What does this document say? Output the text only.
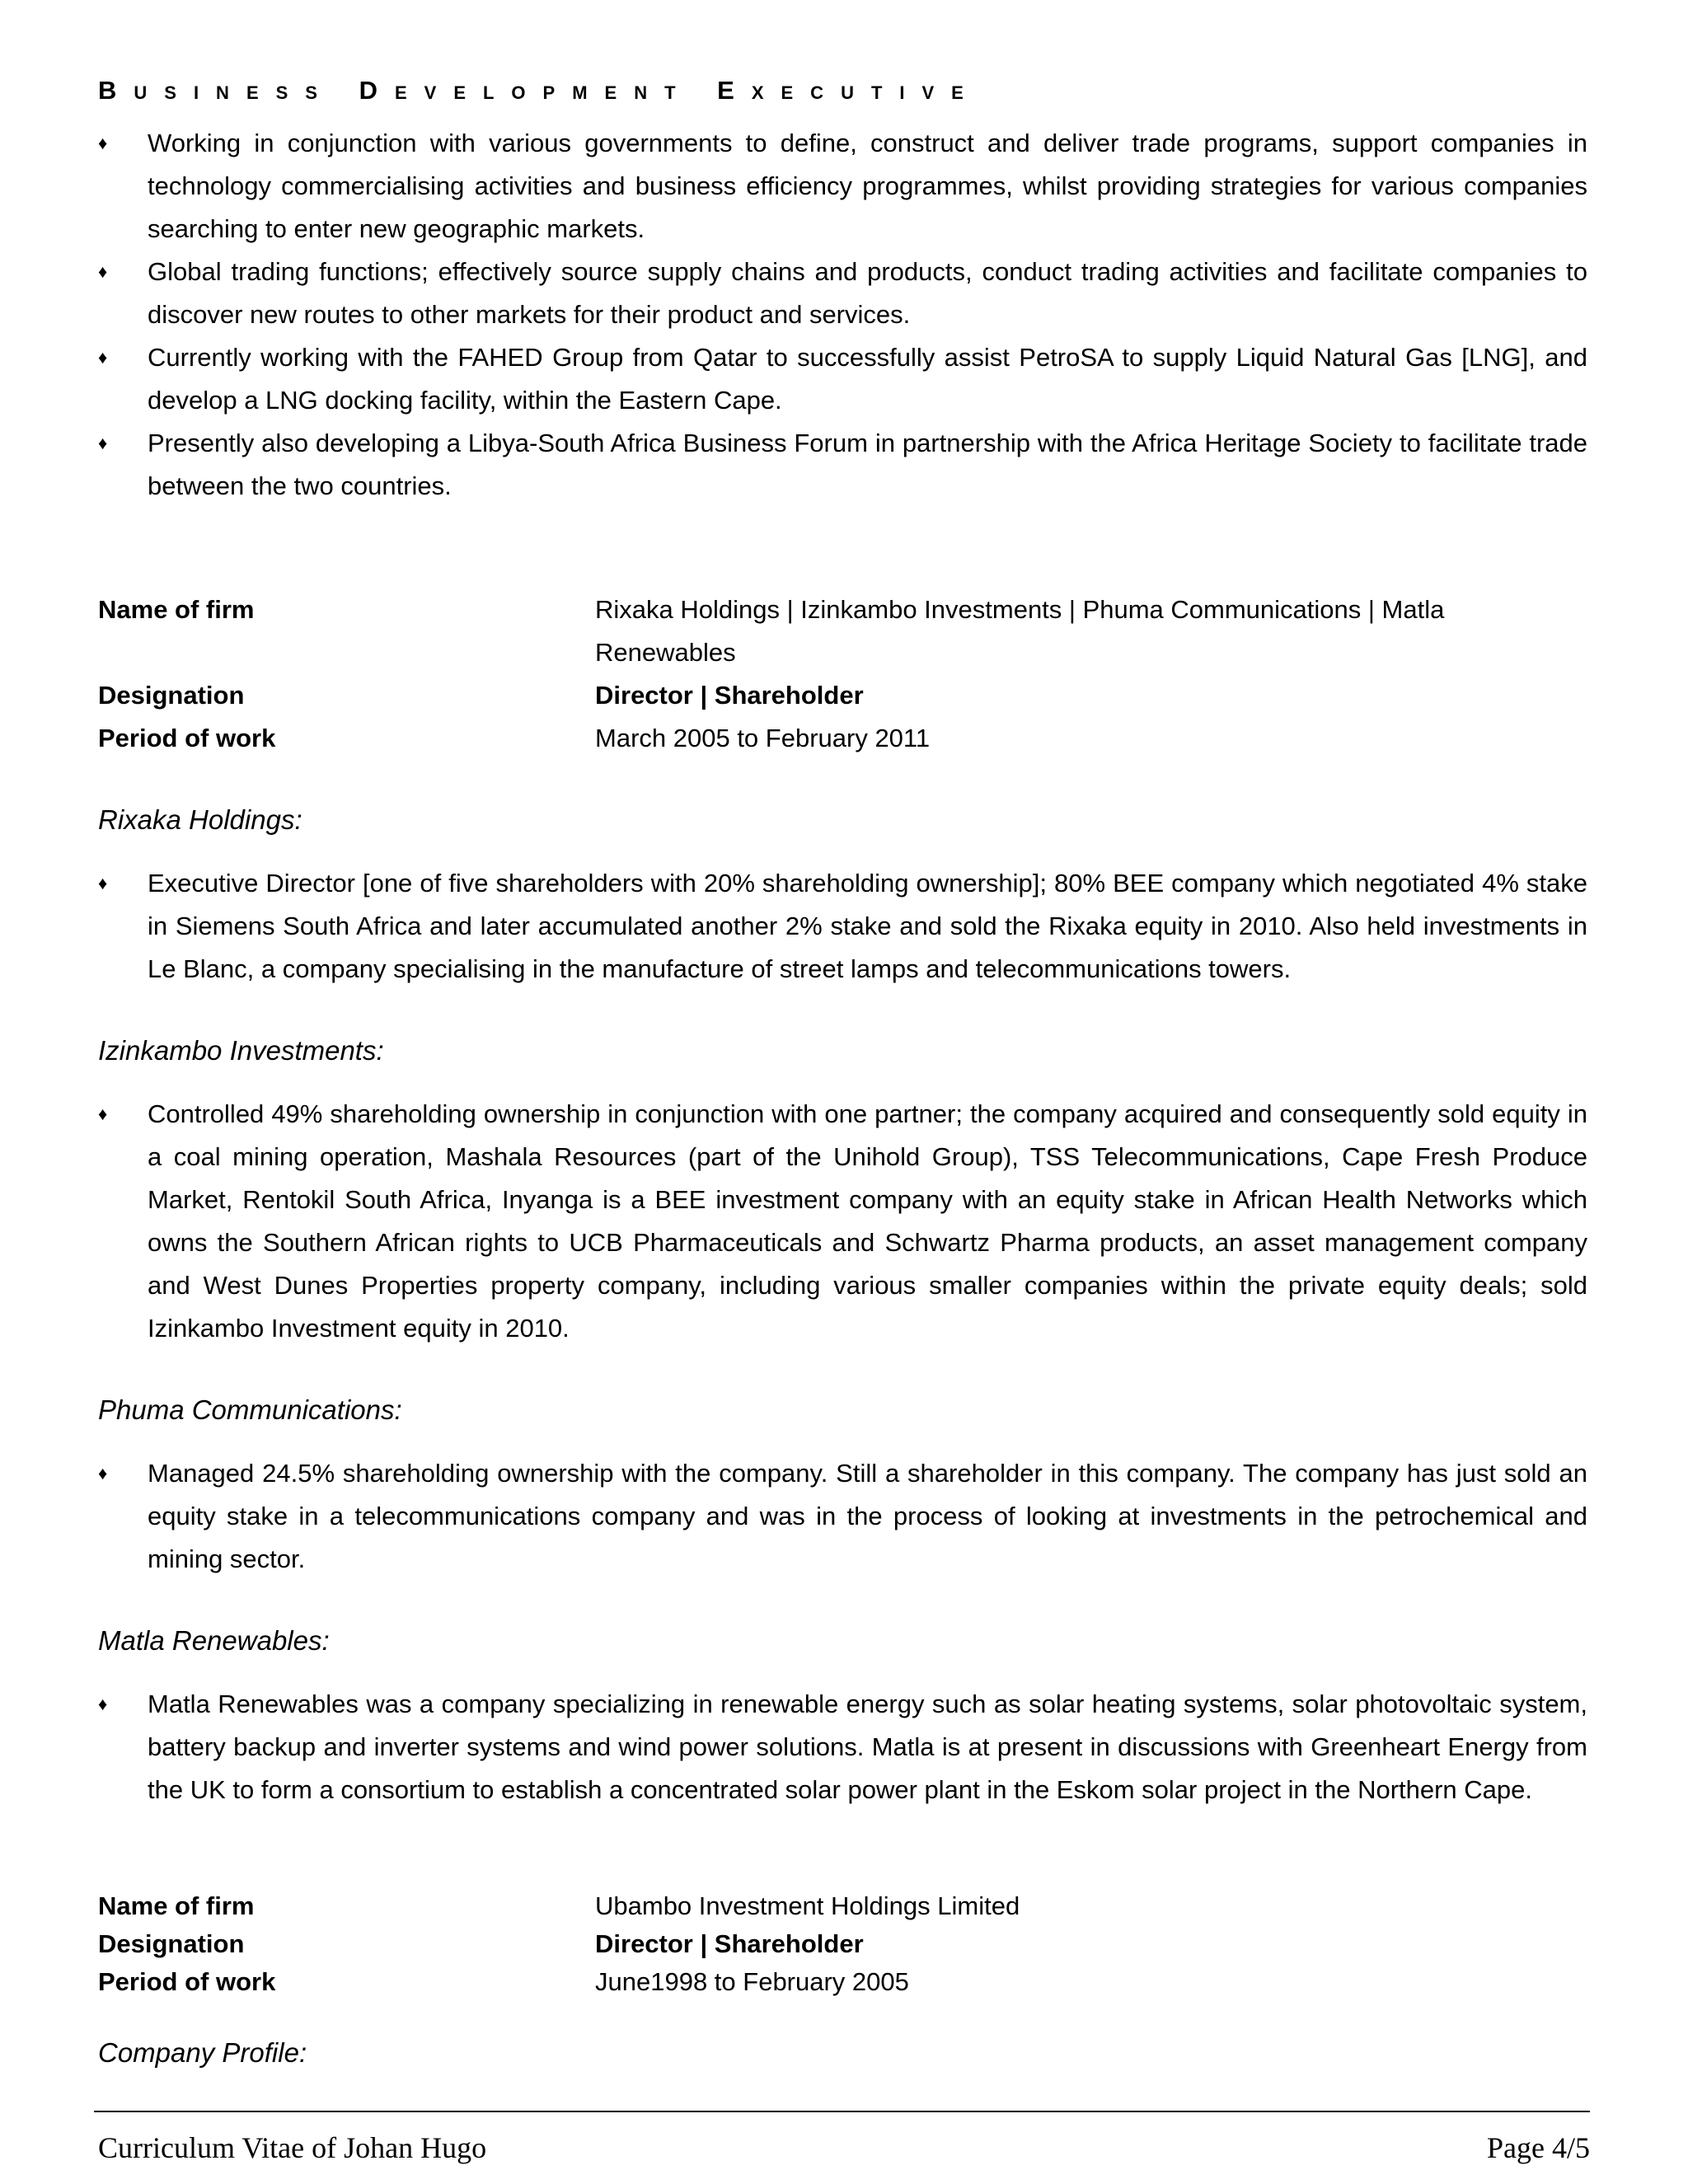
Business Development Executive
♦ Working in conjunction with various governments to define, construct and deliver trade programs, support companies in technology commercialising activities and business efficiency programmes, whilst providing strategies for various companies searching to enter new geographic markets.
♦ Global trading functions; effectively source supply chains and products, conduct trading activities and facilitate companies to discover new routes to other markets for their product and services.
♦ Currently working with the FAHED Group from Qatar to successfully assist PetroSA to supply Liquid Natural Gas [LNG], and develop a LNG docking facility, within the Eastern Cape.
♦ Presently also developing a Libya-South Africa Business Forum in partnership with the Africa Heritage Society to facilitate trade between the two countries.
Name of firm	Rixaka Holdings | Izinkambo Investments | Phuma Communications | Matla Renewables
Designation	Director | Shareholder
Period of work	March 2005 to February 2011
Rixaka Holdings:
♦ Executive Director [one of five shareholders with 20% shareholding ownership]; 80% BEE company which negotiated 4% stake in Siemens South Africa and later accumulated another 2% stake and sold the Rixaka equity in 2010. Also held investments in Le Blanc, a company specialising in the manufacture of street lamps and telecommunications towers.
Izinkambo Investments:
♦ Controlled 49% shareholding ownership in conjunction with one partner; the company acquired and consequently sold equity in a coal mining operation, Mashala Resources (part of the Unihold Group), TSS Telecommunications, Cape Fresh Produce Market, Rentokil South Africa, Inyanga is a BEE investment company with an equity stake in African Health Networks which owns the Southern African rights to UCB Pharmaceuticals and Schwartz Pharma products, an asset management company and West Dunes Properties property company, including various smaller companies within the private equity deals; sold Izinkambo Investment equity in 2010.
Phuma Communications:
♦ Managed 24.5% shareholding ownership with the company. Still a shareholder in this company. The company has just sold an equity stake in a telecommunications company and was in the process of looking at investments in the petrochemical and mining sector.
Matla Renewables:
♦ Matla Renewables was a company specializing in renewable energy such as solar heating systems, solar photovoltaic system, battery backup and inverter systems and wind power solutions. Matla is at present in discussions with Greenheart Energy from the UK to form a consortium to establish a concentrated solar power plant in the Eskom solar project in the Northern Cape.
Name of firm	Ubambo Investment Holdings Limited
Designation	Director | Shareholder
Period of work	June1998 to February 2005
Company Profile:
Curriculum Vitae of Johan Hugo	Page 4/5
